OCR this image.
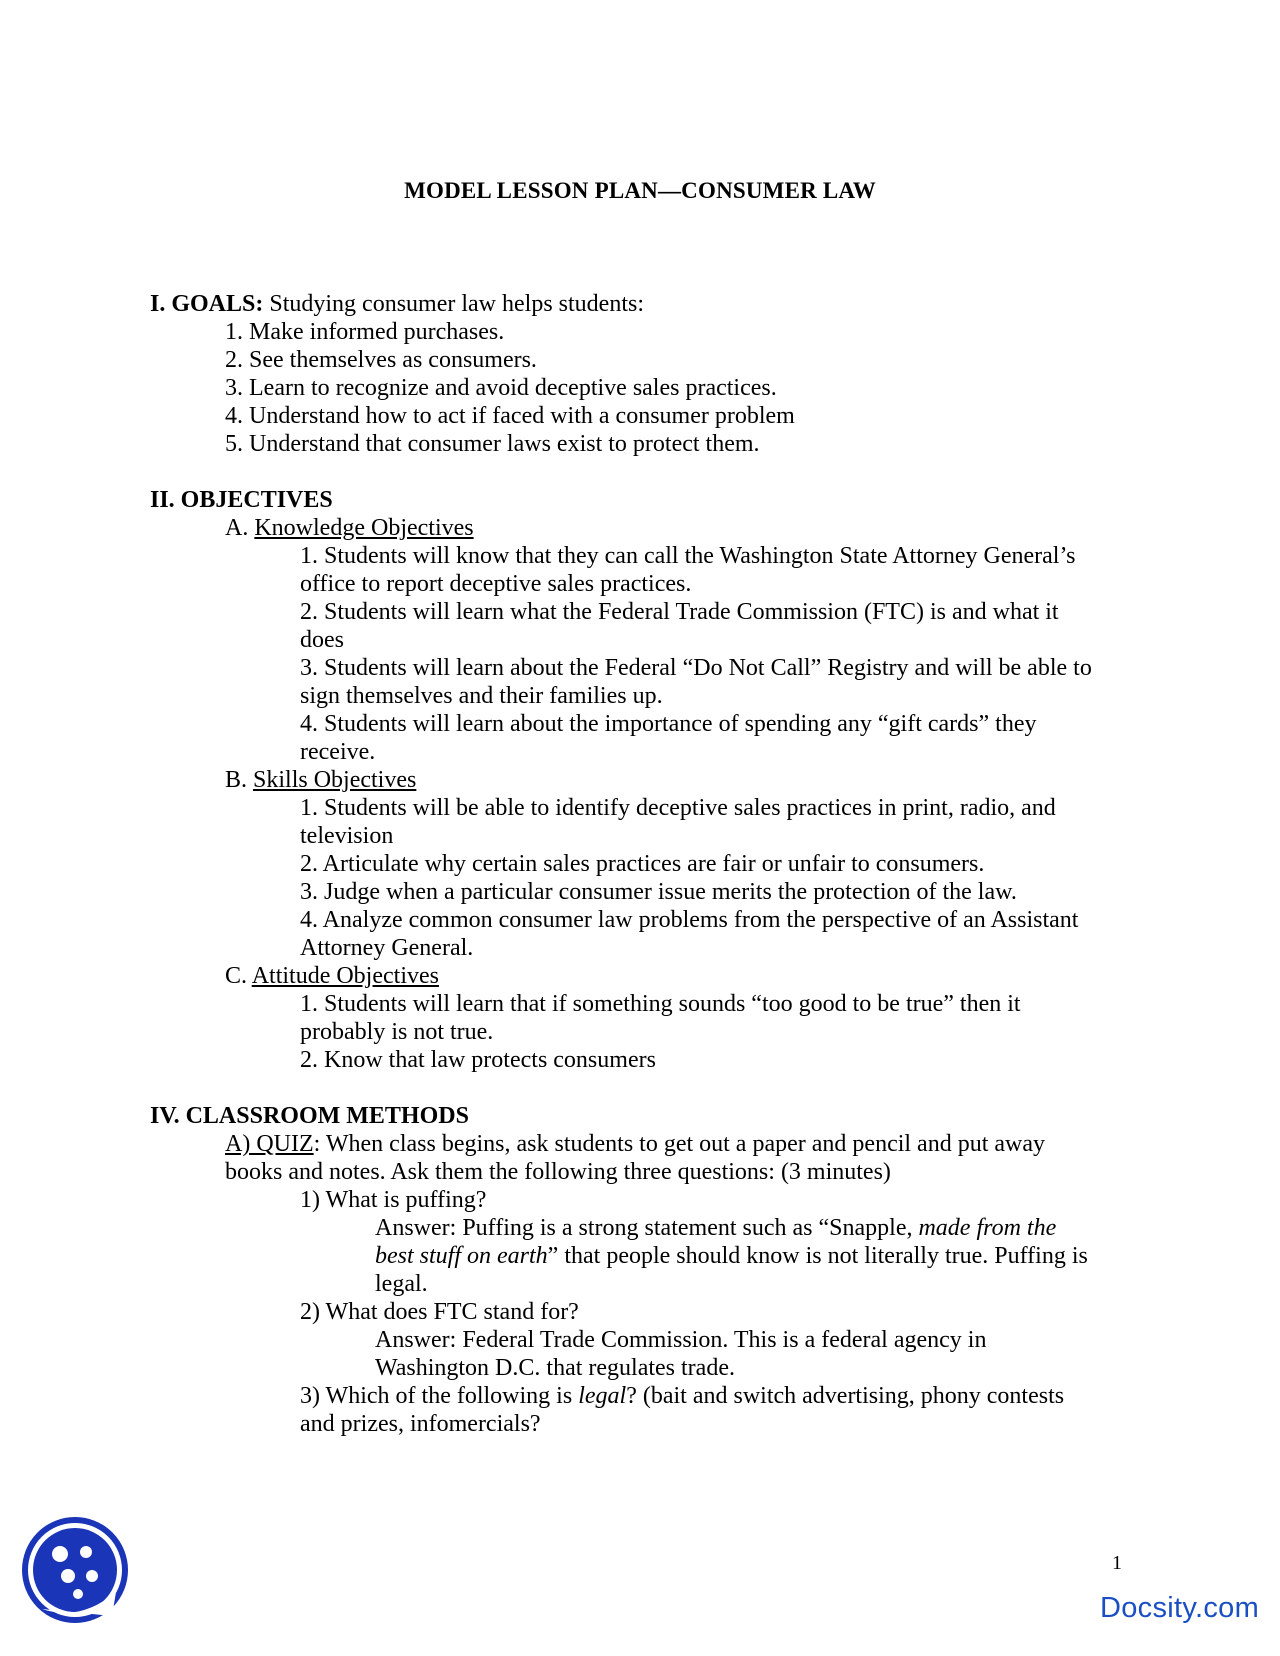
MODEL LESSON PLAN—CONSUMER LAW
I. GOALS: Studying consumer law helps students:
1. Make informed purchases.
2. See themselves as consumers.
3. Learn to recognize and avoid deceptive sales practices.
4. Understand how to act if faced with a consumer problem
5. Understand that consumer laws exist to protect them.
II. OBJECTIVES
A. Knowledge Objectives
1. Students will know that they can call the Washington State Attorney General’s
office to report deceptive sales practices.
2. Students will learn what the Federal Trade Commission (FTC) is and what it
does
3. Students will learn about the Federal “Do Not Call” Registry and will be able to
sign themselves and their families up.
4. Students will learn about the importance of spending any “gift cards” they
receive.
B. Skills Objectives
1. Students will be able to identify deceptive sales practices in print, radio, and
television
2. Articulate why certain sales practices are fair or unfair to consumers.
3. Judge when a particular consumer issue merits the protection of the law.
4. Analyze common consumer law problems from the perspective of an Assistant
Attorney General.
C. Attitude Objectives
1. Students will learn that if something sounds “too good to be true” then it
probably is not true.
2. Know that law protects consumers
IV. CLASSROOM METHODS
A) QUIZ: When class begins, ask students to get out a paper and pencil and put away
books and notes. Ask them the following three questions: (3 minutes)
1) What is puffing?
Answer: Puffing is a strong statement such as “Snapple, made from the
best stuff on earth” that people should know is not literally true. Puffing is
legal.
2) What does FTC stand for?
Answer: Federal Trade Commission. This is a federal agency in
Washington D.C. that regulates trade.
3) Which of the following is legal? (bait and switch advertising, phony contests
and prizes, infomercials?
1
Docsity.com
